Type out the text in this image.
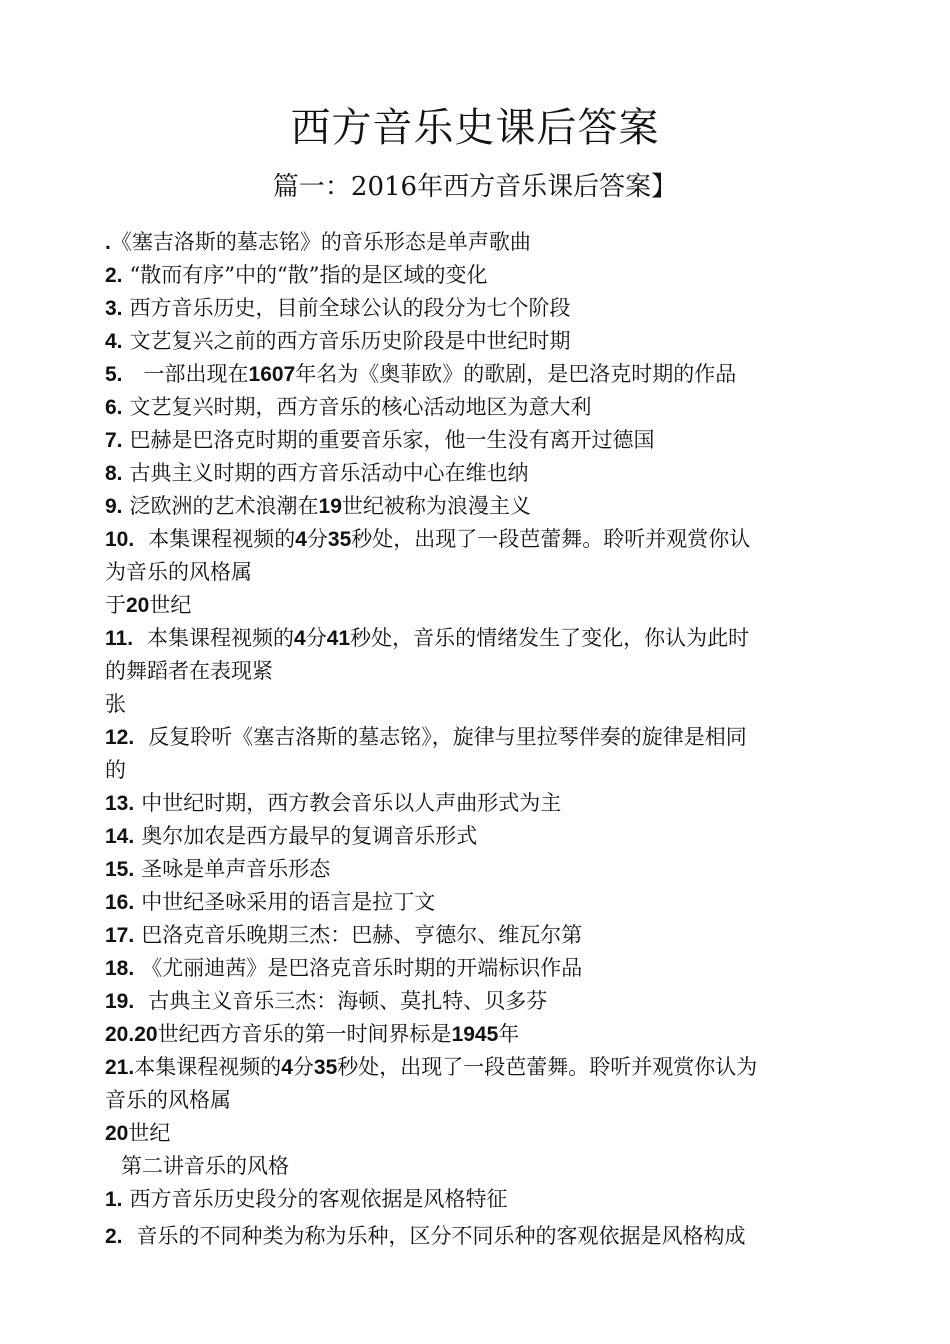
西方音乐史课后答案
篇一：2016年西方音乐课后答案】
.《塞吉洛斯的墓志铭》的音乐形态是单声歌曲
2. “散而有序”中的“散”指的是区域的变化
3. 西方音乐历史，目前全球公认的段分为七个阶段
4. 文艺复兴之前的西方音乐历史阶段是中世纪时期
5. 一部出现在1607年名为《奥菲欧》的歌剧，是巴洛克时期的作品
6. 文艺复兴时期，西方音乐的核心活动地区为意大利
7. 巴赫是巴洛克时期的重要音乐家，他一生没有离开过德国
8. 古典主义时期的西方音乐活动中心在维也纳
9. 泛欧洲的艺术浪潮在19世纪被称为浪漫主义
10. 本集课程视频的4分35秒处，出现了一段芭蕾舞。聆听并观赏你认
为音乐的风格属
于20世纪
11. 本集课程视频的4分41秒处，音乐的情绪发生了变化，你认为此时
的舞蹈者在表现紧
张
12. 反复聆听《塞吉洛斯的墓志铭》，旋律与里拉琴伴奏的旋律是相同
的
13. 中世纪时期，西方教会音乐以人声曲形式为主
14. 奥尔加农是西方最早的复调音乐形式
15. 圣咏是单声音乐形态
16. 中世纪圣咏采用的语言是拉丁文
17. 巴洛克音乐晚期三杰：巴赫、亨德尔、维瓦尔第
18. 《尤丽迪茜》是巴洛克音乐时期的开端标识作品
19. 古典主义音乐三杰：海顿、莫扎特、贝多芬
20.20世纪西方音乐的第一时间界标是1945年
21.本集课程视频的4分35秒处，出现了一段芭蕾舞。聆听并观赏你认为
音乐的风格属
20世纪
第二讲音乐的风格
1. 西方音乐历史段分的客观依据是风格特征
2. 音乐的不同种类为称为乐种，区分不同乐种的客观依据是风格构成
